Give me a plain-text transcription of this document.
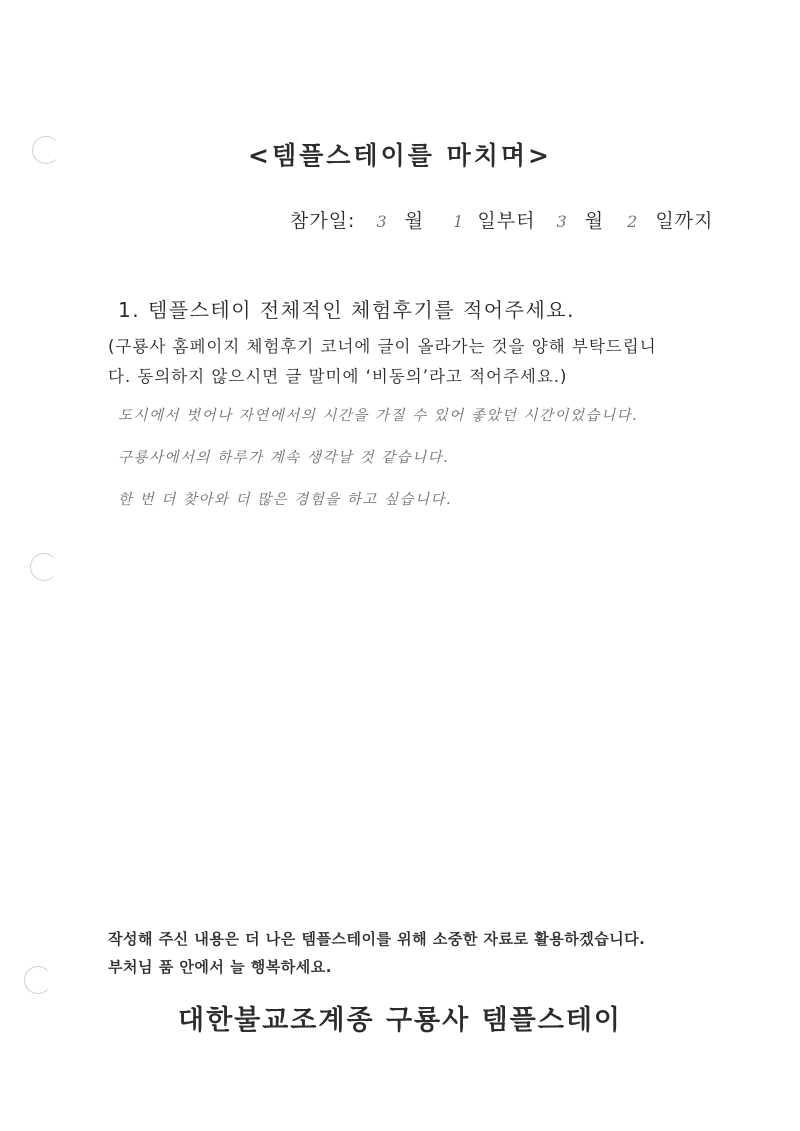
<템플스테이를 마치며>
참가일: 3 월 1 일부터 3 월 2 일까지
1. 템플스테이 전체적인 체험후기를 적어주세요.
(구룡사 홈페이지 체험후기 코너에 글이 올라가는 것을 양해 부탁드립니
다. 동의하지 않으시면 글 말미에 ‘비동의’라고 적어주세요.)
도시에서 벗어나 자연에서의 시간을 가질 수 있어 좋았던 시간이었습니다.
구룡사에서의 하루가 계속 생각날 것 같습니다.
한 번 더 찾아와 더 많은 경험을 하고 싶습니다.
작성해 주신 내용은 더 나은 템플스테이를 위해 소중한 자료로 활용하겠습니다.
부처님 품 안에서 늘 행복하세요.
대한불교조계종 구룡사 템플스테이
